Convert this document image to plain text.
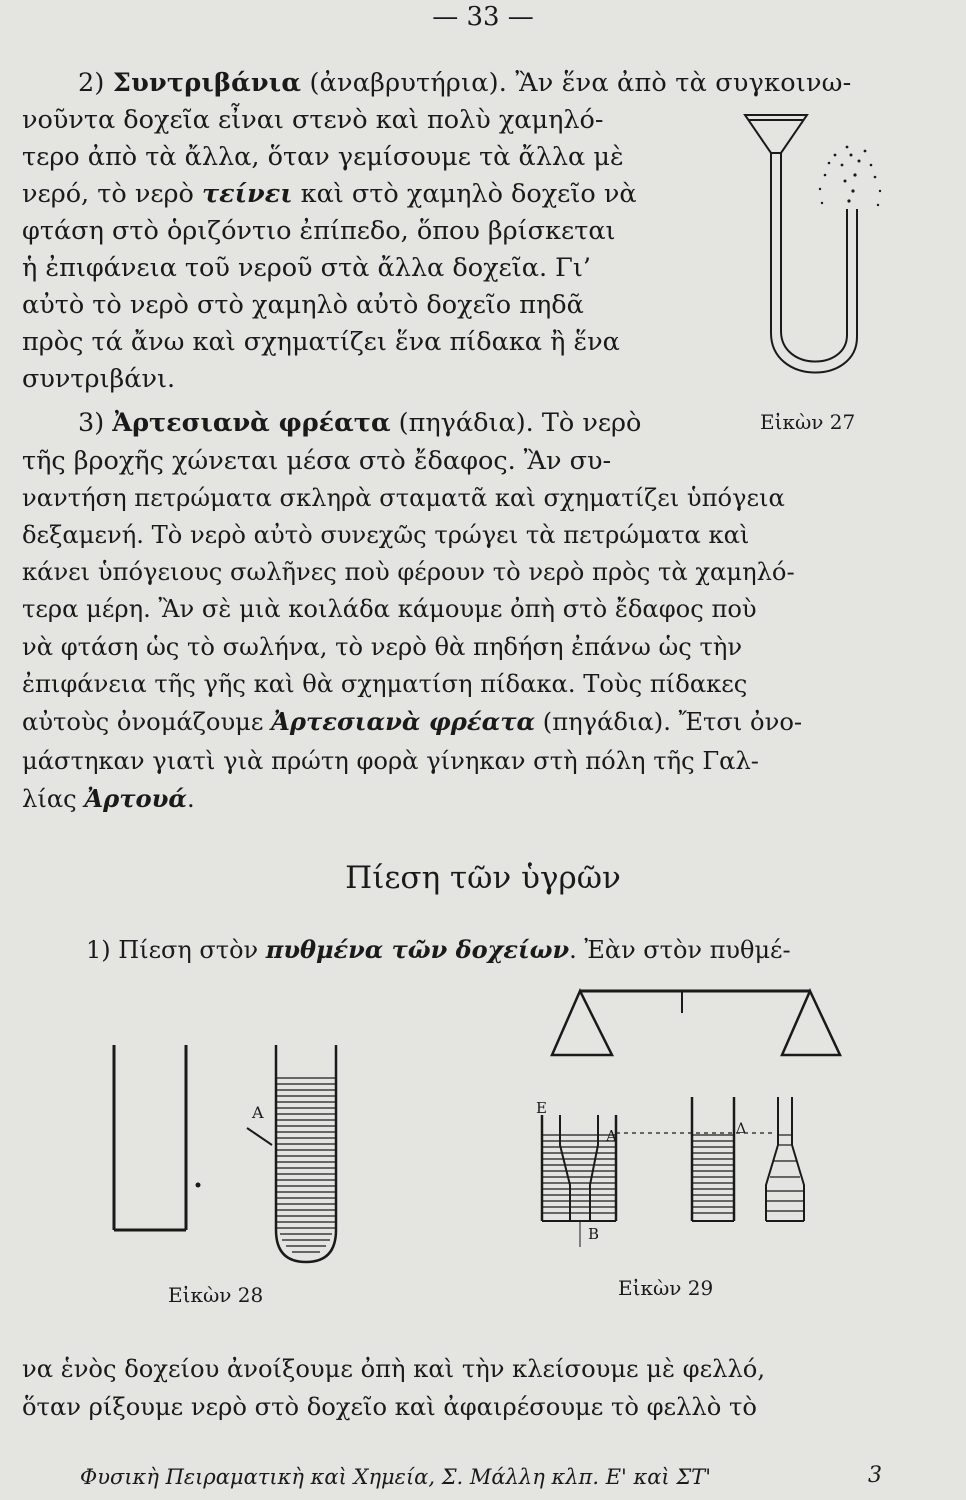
— 33 —
2) Συντριβάνια (ἀναβρυτήρια). Ἂν ἕνα ἀπὸ τὰ συγκοινω-
νοῦντα δοχεῖα εἶναι στενὸ καὶ πολὺ χαμηλό-
τερο ἀπὸ τὰ ἄλλα, ὅταν γεμίσουμε τὰ ἄλλα μὲ
νερό, τὸ νερὸ τείνει καὶ στὸ χαμηλὸ δοχεῖο νὰ
φτάση στὸ ὁριζόντιο ἐπίπεδο, ὅπου βρίσκεται
ἡ ἐπιφάνεια τοῦ νεροῦ στὰ ἄλλα δοχεῖα. Γι’
αὐτὸ τὸ νερὸ στὸ χαμηλὸ αὐτὸ δοχεῖο πηδᾶ
πρὸς τά ἄνω καὶ σχηματίζει ἕνα πίδακα ἢ ἕνα
συντριβάνι.
3) Ἀρτεσιανὰ φρέατα (πηγάδια). Τὸ νερὸ
τῆς βροχῆς χώνεται μέσα στὸ ἔδαφος. Ἂν συ-
ναντήση πετρώματα σκληρὰ σταματᾶ καὶ σχηματίζει ὑπόγεια
δεξαμενή. Τὸ νερὸ αὐτὸ συνεχῶς τρώγει τὰ πετρώματα καὶ
κάνει ὑπόγειους σωλῆνες ποὺ φέρουν τὸ νερὸ πρὸς τὰ χαμηλό-
τερα μέρη. Ἂν σὲ μιὰ κοιλάδα κάμουμε ὀπὴ στὸ ἔδαφος ποὺ
νὰ φτάση ὡς τὸ σωλήνα, τὸ νερὸ θὰ πηδήση ἐπάνω ὡς τὴν
ἐπιφάνεια τῆς γῆς καὶ θὰ σχηματίση πίδακα. Τοὺς πίδακες
αὐτοὺς ὀνομάζουμε Ἀρτεσιανὰ φρέατα (πηγάδια). Ἔτσι ὀνο-
μάστηκαν γιατὶ γιὰ πρώτη φορὰ γίνηκαν στὴ πόλη τῆς Γαλ-
λίας Ἀρτουά.
Εἰκὼν 27
Πίεση τῶν ὑγρῶν
1) Πίεση στὸν πυθμένα τῶν δοχείων. Ἐὰν στὸν πυθμέ-
Α
Εἰκὼν 28
Ε
Α	Δ
Β
Εἰκὼν 29
να ἑνὸς δοχείου ἀνοίξουμε ὀπὴ καὶ τὴν κλείσουμε μὲ φελλό,
ὅταν ρίξουμε νερὸ στὸ δοχεῖο καὶ ἀφαιρέσουμε τὸ φελλὸ τὸ
Φυσικὴ Πειραματικὴ καὶ Χημεία, Σ. Μάλλη κλπ. Ε' καὶ ΣΤ'	3
